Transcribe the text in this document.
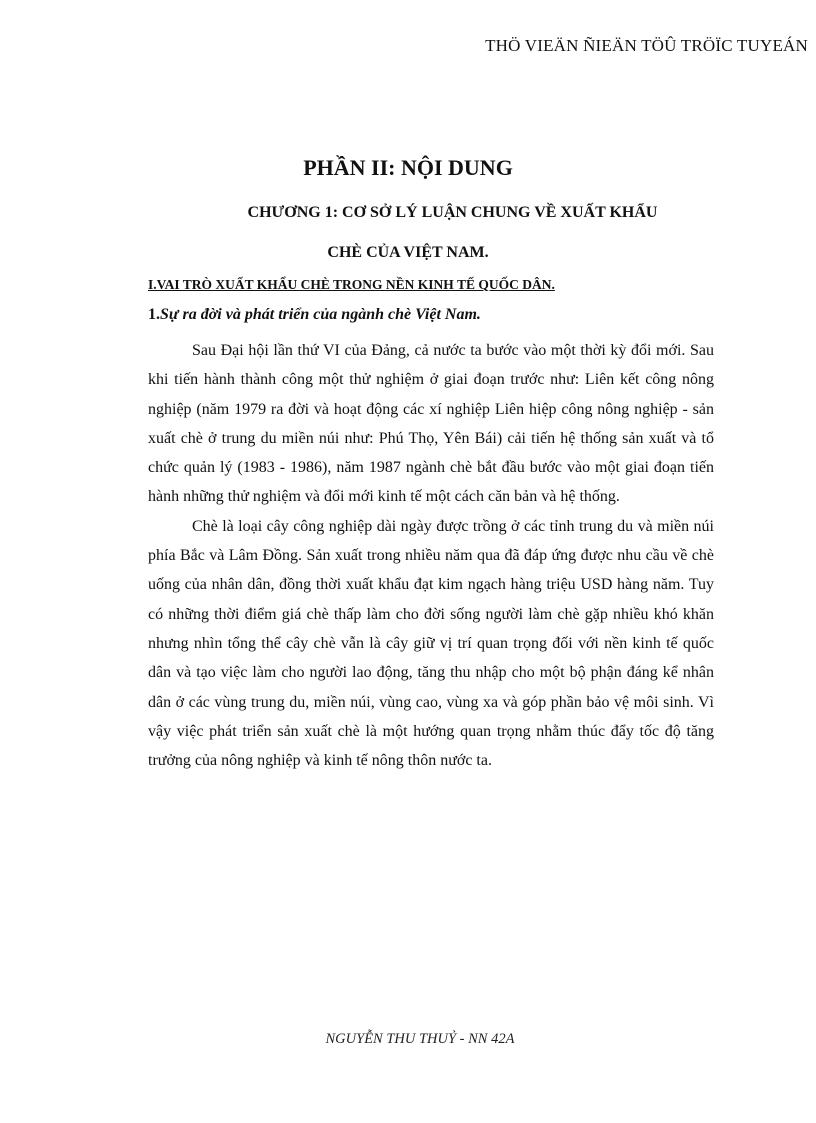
THÖ VIEÄN ÑIEÄN TÖÛ TRÖÏC TUYEÁN
PHẦN II: NỘI DUNG
CHƯƠNG 1: CƠ SỞ LÝ LUẬN CHUNG VỀ XUẤT KHẨU
CHÈ CỦA VIỆT NAM.
I.VAI TRÒ XUẤT KHẨU CHÈ TRONG NỀN KINH TẾ QUỐC DÂN.
1.Sự ra đời và phát triển của ngành chè Việt Nam.

Sau Đại hội lần thứ VI của Đảng, cả nước ta bước vào một thời kỳ đổi mới. Sau khi tiến hành thành công một thử nghiệm ở giai đoạn trước như: Liên kết công nông nghiệp (năm 1979 ra đời và hoạt động các xí nghiệp Liên hiệp công nông nghiệp - sản xuất chè ở trung du miền núi như: Phú Thọ, Yên Bái) cải tiến hệ thống sản xuất và tổ chức quản lý (1983 - 1986), năm 1987 ngành chè bắt đầu bước vào một giai đoạn tiến hành những thử nghiệm và đổi mới kinh tế một cách căn bản và hệ thống.

Chè là loại cây công nghiệp dài ngày được trồng ở các tỉnh trung du và miền núi phía Bắc và Lâm Đồng. Sản xuất trong nhiều năm qua đã đáp ứng được nhu cầu về chè uống của nhân dân, đồng thời xuất khẩu đạt kim ngạch hàng triệu USD hàng năm. Tuy có những thời điểm giá chè thấp làm cho đời sống người làm chè gặp nhiều khó khăn nhưng nhìn tổng thể cây chè vẫn là cây giữ vị trí quan trọng đối với nền kinh tế quốc dân và tạo việc làm cho người lao động, tăng thu nhập cho một bộ phận đáng kể nhân dân ở các vùng trung du, miền núi, vùng cao, vùng xa và góp phần bảo vệ môi sinh. Vì vậy việc phát triển sản xuất chè là một hướng quan trọng nhằm thúc đẩy tốc độ tăng trưởng của nông nghiệp và kinh tế nông thôn nước ta.

NGUYỄN THU THUỶ - NN 42A
